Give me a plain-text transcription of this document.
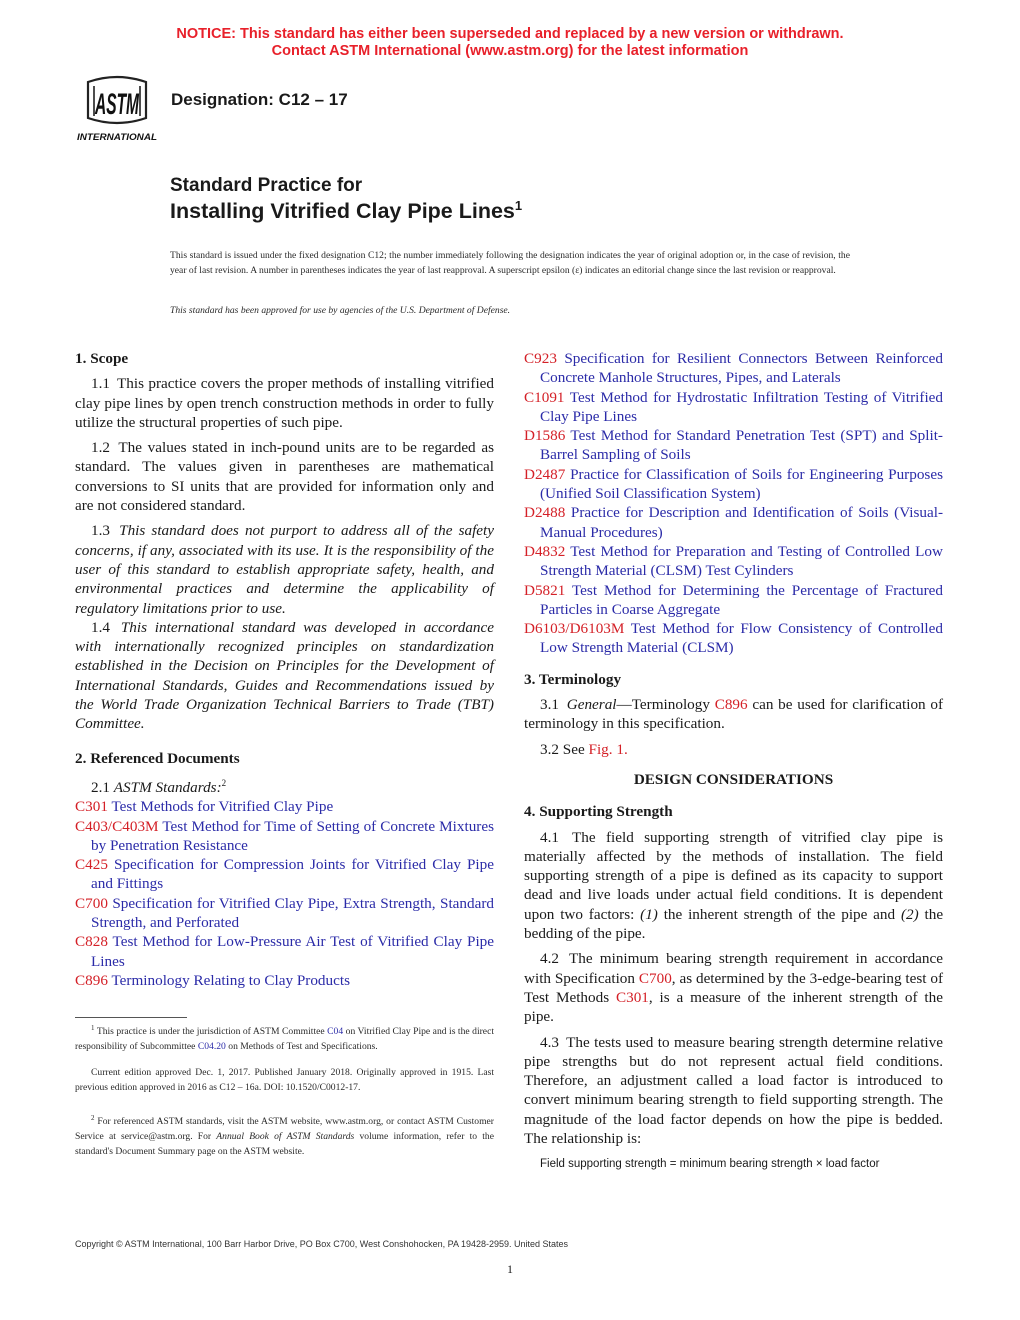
NOTICE: This standard has either been superseded and replaced by a new version or withdrawn.
Contact ASTM International (www.astm.org) for the latest information
ASTM
INTERNATIONAL
Designation: C12 – 17
Standard Practice for
Installing Vitrified Clay Pipe Lines$^1$
This standard is issued under the fixed designation C12; the number immediately following the designation indicates the year of original adoption or, in the case of revision, the year of last revision. A number in parentheses indicates the year of last reapproval. A superscript epsilon (ε) indicates an editorial change since the last revision or reapproval.
This standard has been approved for use by agencies of the U.S. Department of Defense.
1. Scope
1.1 This practice covers the proper methods of installing vitrified clay pipe lines by open trench construction methods in order to fully utilize the structural properties of such pipe.
1.2 The values stated in inch-pound units are to be regarded as standard. The values given in parentheses are mathematical conversions to SI units that are provided for information only and are not considered standard.
1.3 This standard does not purport to address all of the safety concerns, if any, associated with its use. It is the responsibility of the user of this standard to establish appropriate safety, health, and environmental practices and determine the applicability of regulatory limitations prior to use.
1.4 This international standard was developed in accordance with internationally recognized principles on standardization established in the Decision on Principles for the Development of International Standards, Guides and Recommendations issued by the World Trade Organization Technical Barriers to Trade (TBT) Committee.
2. Referenced Documents
2.1 ASTM Standards:$^2$
C301 Test Methods for Vitrified Clay Pipe
C403/C403M Test Method for Time of Setting of Concrete Mixtures by Penetration Resistance
C425 Specification for Compression Joints for Vitrified Clay Pipe and Fittings
C700 Specification for Vitrified Clay Pipe, Extra Strength, Standard Strength, and Perforated
C828 Test Method for Low-Pressure Air Test of Vitrified Clay Pipe Lines
C896 Terminology Relating to Clay Products
$^1$ This practice is under the jurisdiction of ASTM Committee C04 on Vitrified Clay Pipe and is the direct responsibility of Subcommittee C04.20 on Methods of Test and Specifications.
Current edition approved Dec. 1, 2017. Published January 2018. Originally approved in 1915. Last previous edition approved in 2016 as C12 – 16a. DOI: 10.1520/C0012-17.
$^2$ For referenced ASTM standards, visit the ASTM website, www.astm.org, or contact ASTM Customer Service at service@astm.org. For Annual Book of ASTM Standards volume information, refer to the standard's Document Summary page on the ASTM website.
C923 Specification for Resilient Connectors Between Reinforced Concrete Manhole Structures, Pipes, and Laterals
C1091 Test Method for Hydrostatic Infiltration Testing of Vitrified Clay Pipe Lines
D1586 Test Method for Standard Penetration Test (SPT) and Split-Barrel Sampling of Soils
D2487 Practice for Classification of Soils for Engineering Purposes (Unified Soil Classification System)
D2488 Practice for Description and Identification of Soils (Visual-Manual Procedures)
D4832 Test Method for Preparation and Testing of Controlled Low Strength Material (CLSM) Test Cylinders
D5821 Test Method for Determining the Percentage of Fractured Particles in Coarse Aggregate
D6103/D6103M Test Method for Flow Consistency of Controlled Low Strength Material (CLSM)
3. Terminology
3.1 General—Terminology C896 can be used for clarification of terminology in this specification.
3.2 See Fig. 1.
DESIGN CONSIDERATIONS
4. Supporting Strength
4.1 The field supporting strength of vitrified clay pipe is materially affected by the methods of installation. The field supporting strength of a pipe is defined as its capacity to support dead and live loads under actual field conditions. It is dependent upon two factors: (1) the inherent strength of the pipe and (2) the bedding of the pipe.
4.2 The minimum bearing strength requirement in accordance with Specification C700, as determined by the 3-edge-bearing test of Test Methods C301, is a measure of the inherent strength of the pipe.
4.3 The tests used to measure bearing strength determine relative pipe strengths but do not represent actual field conditions. Therefore, an adjustment called a load factor is introduced to convert minimum bearing strength to field supporting strength. The magnitude of the load factor depends on how the pipe is bedded. The relationship is:
Field supporting strength = minimum bearing strength × load factor
Copyright © ASTM International, 100 Barr Harbor Drive, PO Box C700, West Conshohocken, PA 19428-2959. United States
1
